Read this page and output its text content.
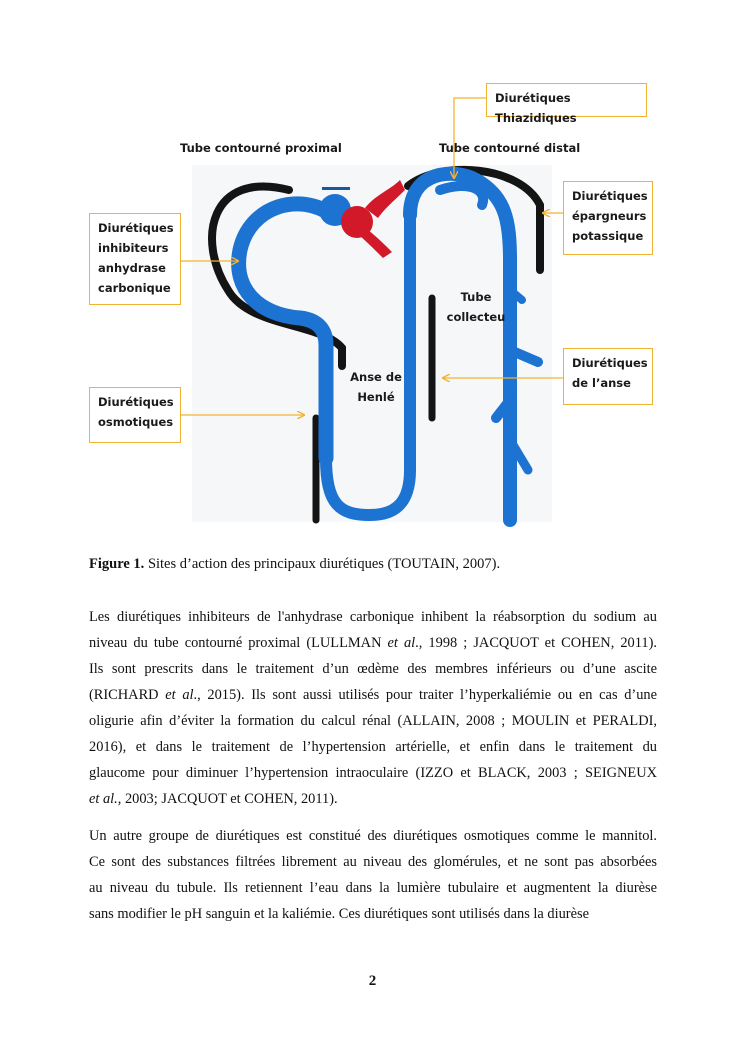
Tube contourné proximal	Tube contourné distal
Anse de
Henlé
Tube
collecteu
Diurétiques Thiazidiques
Diurétiques
épargneurs
potassique
Diurétiques
inhibiteurs
anhydrase
carbonique
Diurétiques
de l’anse
Diurétiques
osmotiques
Figure 1. Sites d’action des principaux diurétiques (TOUTAIN, 2007).
Les diurétiques inhibiteurs de l'anhydrase carbonique inhibent la réabsorption du sodium au
niveau du tube contourné proximal (LULLMAN et al., 1998 ; JACQUOT et COHEN, 2011).
Ils sont prescrits dans le traitement d’un œdème des membres inférieurs ou d’une ascite
(RICHARD et al., 2015). Ils sont aussi utilisés pour traiter l’hyperkaliémie ou en cas d’une
oligurie afin d’éviter la formation du calcul rénal (ALLAIN, 2008 ; MOULIN et PERALDI,
2016), et dans le traitement de l’hypertension artérielle, et enfin dans le traitement du
glaucome pour diminuer l’hypertension intraoculaire (IZZO et BLACK, 2003 ; SEIGNEUX
et al., 2003; JACQUOT et COHEN, 2011).
Un autre groupe de diurétiques est constitué des diurétiques osmotiques comme le mannitol.
Ce sont des substances filtrées librement au niveau des glomérules, et ne sont pas absorbées
au niveau du tubule. Ils retiennent l’eau dans la lumière tubulaire et augmentent la diurèse
sans modifier le pH sanguin et la kaliémie. Ces diurétiques sont utilisés dans la diurèse
2
